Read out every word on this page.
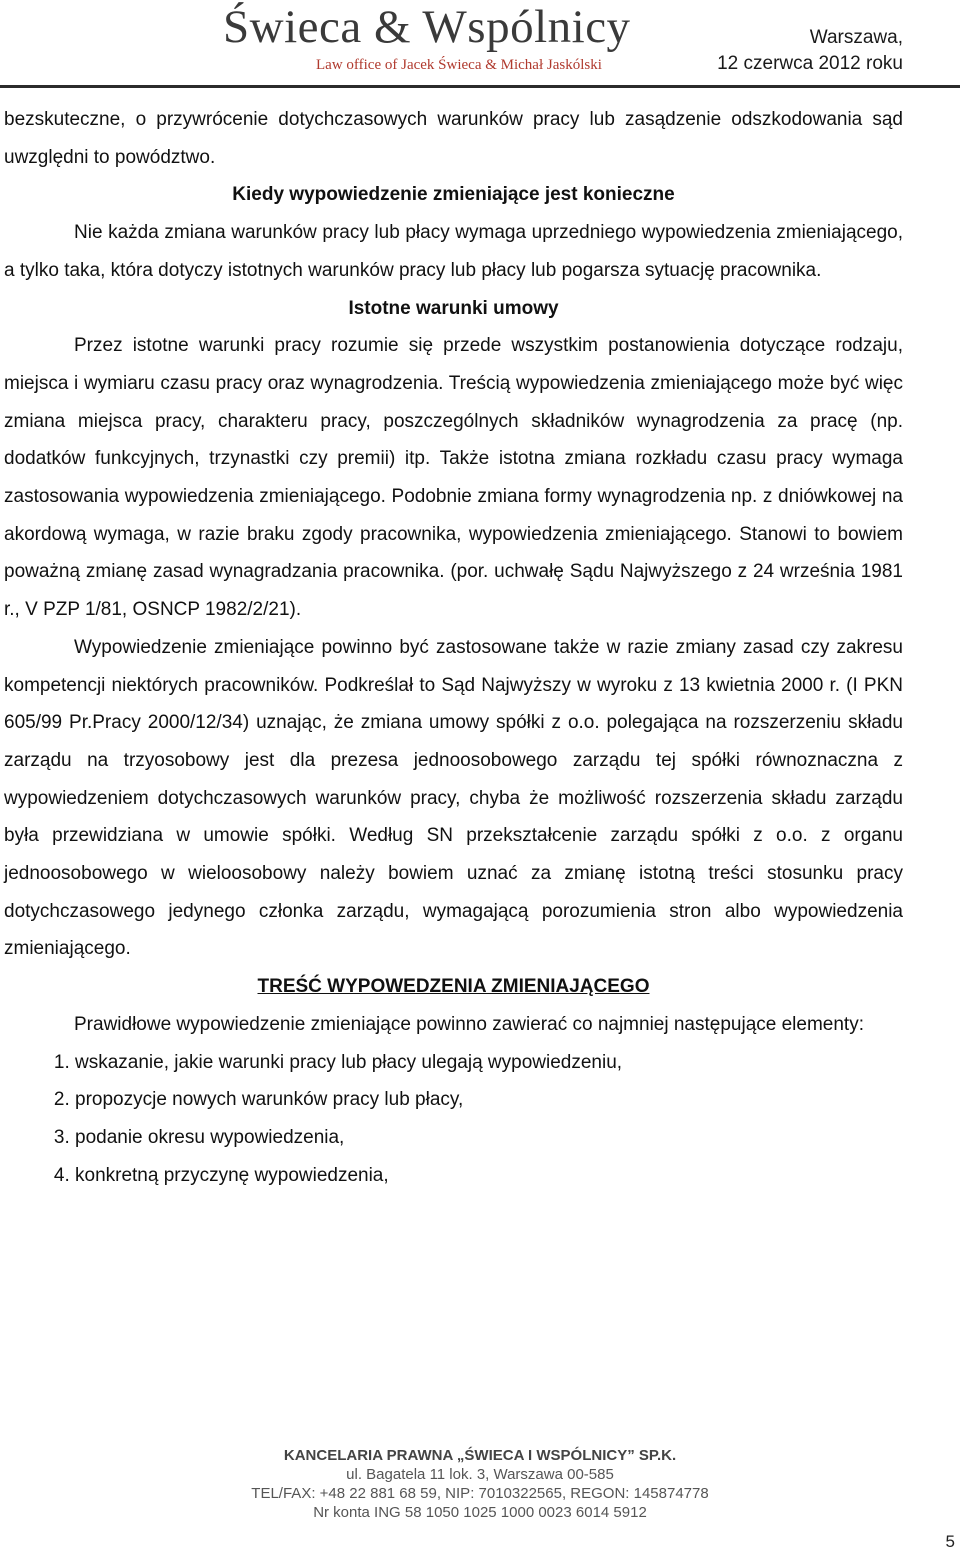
Świeca & Wspólnicy
Law office of Jacek Świeca & Michał Jaskólski
Warszawa,
12 czerwca 2012 roku

bezskuteczne, o przywrócenie dotychczasowych warunków pracy lub zasądzenie odszkodowania sąd uwzględni to powództwo.

Kiedy wypowiedzenie zmieniające jest konieczne

Nie każda zmiana warunków pracy lub płacy wymaga uprzedniego wypowiedzenia zmieniającego, a tylko taka, która dotyczy istotnych warunków pracy lub płacy lub pogarsza sytuację pracownika.

Istotne warunki umowy

Przez istotne warunki pracy rozumie się przede wszystkim postanowienia dotyczące rodzaju, miejsca i wymiaru czasu pracy oraz wynagrodzenia. Treścią wypowiedzenia zmieniającego może być więc zmiana miejsca pracy, charakteru pracy, poszczególnych składników wynagrodzenia za pracę (np. dodatków funkcyjnych, trzynastki czy premii) itp. Także istotna zmiana rozkładu czasu pracy wymaga zastosowania wypowiedzenia zmieniającego. Podobnie zmiana formy wynagrodzenia np. z dniówkowej na akordową wymaga, w razie braku zgody pracownika, wypowiedzenia zmieniającego. Stanowi to bowiem poważną zmianę zasad wynagradzania pracownika. (por. uchwałę Sądu Najwyższego z 24 września 1981 r., V PZP 1/81, OSNCP 1982/2/21).

Wypowiedzenie zmieniające powinno być zastosowane także w razie zmiany zasad czy zakresu kompetencji niektórych pracowników. Podkreślał to Sąd Najwyższy w wyroku z 13 kwietnia 2000 r. (I PKN 605/99 Pr.Pracy 2000/12/34) uznając, że zmiana umowy spółki z o.o. polegająca na rozszerzeniu składu zarządu na trzyosobowy jest dla prezesa jednoosobowego zarządu tej spółki równoznaczna z wypowiedzeniem dotychczasowych warunków pracy, chyba że możliwość rozszerzenia składu zarządu była przewidziana w umowie spółki. Według SN przekształcenie zarządu spółki z o.o. z organu jednoosobowego w wieloosobowy należy bowiem uznać za zmianę istotną treści stosunku pracy dotychczasowego jedynego członka zarządu, wymagającą porozumienia stron albo wypowiedzenia zmieniającego.

TREŚĆ WYPOWEDZENIA ZMIENIAJĄCEGO

Prawidłowe wypowiedzenie zmieniające powinno zawierać co najmniej następujące elementy:

1. wskazanie, jakie warunki pracy lub płacy ulegają wypowiedzeniu,
2. propozycje nowych warunków pracy lub płacy,
3. podanie okresu wypowiedzenia,
4. konkretną przyczynę wypowiedzenia,
KANCELARIA PRAWNA „ŚWIECA I WSPÓLNICY” SP.K.
ul. Bagatela 11 lok. 3, Warszawa 00-585
TEL/FAX: +48 22 881 68 59, NIP: 7010322565, REGON: 145874778
Nr konta ING 58 1050 1025 1000 0023 6014 5912
5
